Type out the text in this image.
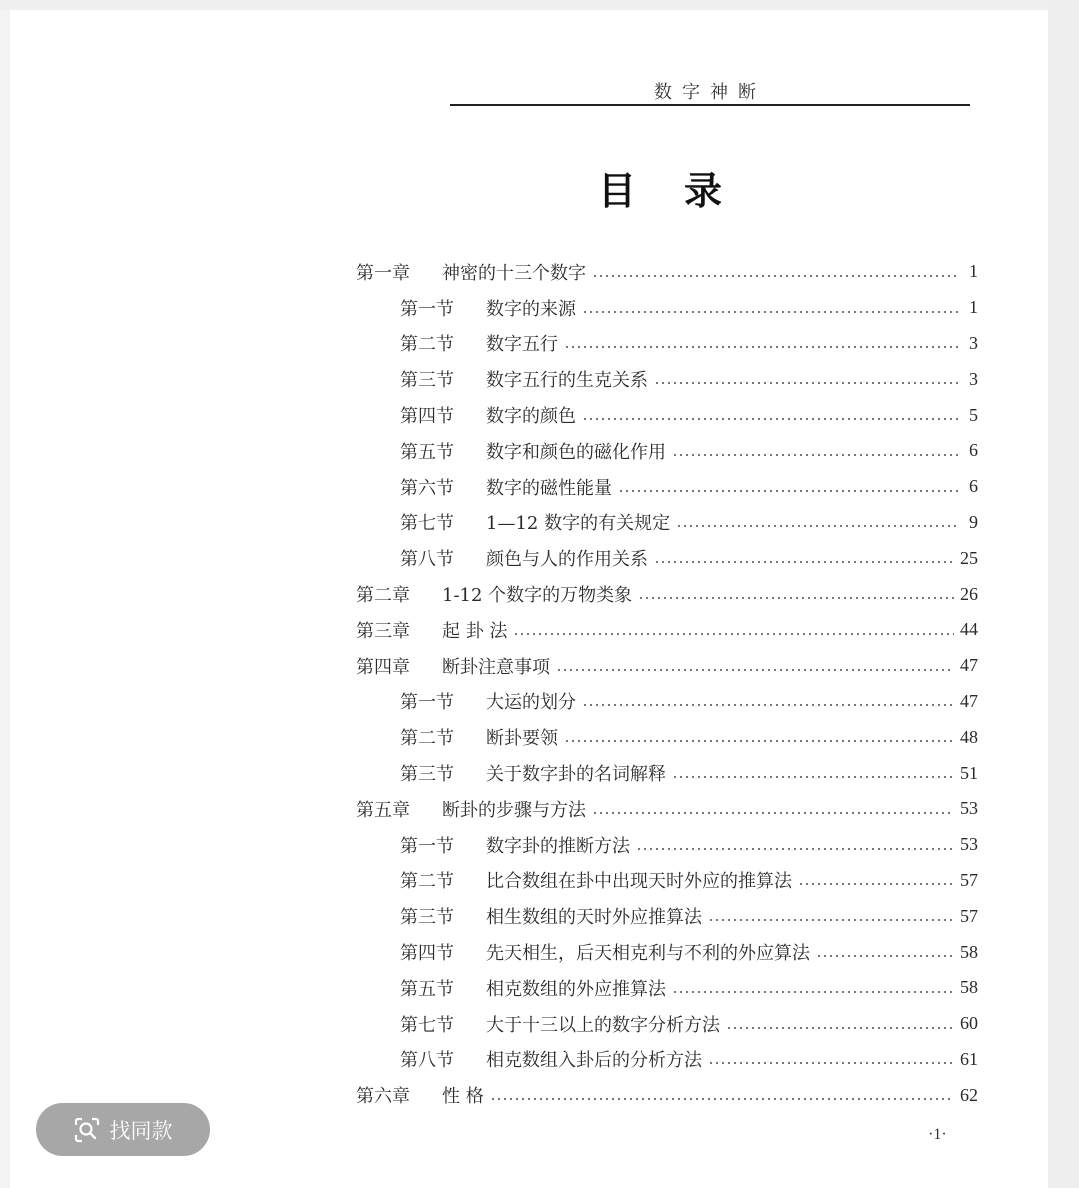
数字神断
目录
第一章	神密的十三个数字	1
第一节	数字的来源	1
第二节	数字五行	3
第三节	数字五行的生克关系	3
第四节	数字的颜色	5
第五节	数字和颜色的磁化作用	6
第六节	数字的磁性能量	6
第七节	1—12 数字的有关规定	9
第八节	颜色与人的作用关系	25
第二章	1-12 个数字的万物类象	26
第三章	起 卦 法	44
第四章	断卦注意事项	47
第一节	大运的划分	47
第二节	断卦要领	48
第三节	关于数字卦的名词解释	51
第五章	断卦的步骤与方法	53
第一节	数字卦的推断方法	53
第二节	比合数组在卦中出现天时外应的推算法	57
第三节	相生数组的天时外应推算法	57
第四节	先天相生，后天相克利与不利的外应算法	58
第五节	相克数组的外应推算法	58
第七节	大于十三以上的数字分析方法	60
第八节	相克数组入卦后的分析方法	61
第六章	性 格	62
·1·
找同款
